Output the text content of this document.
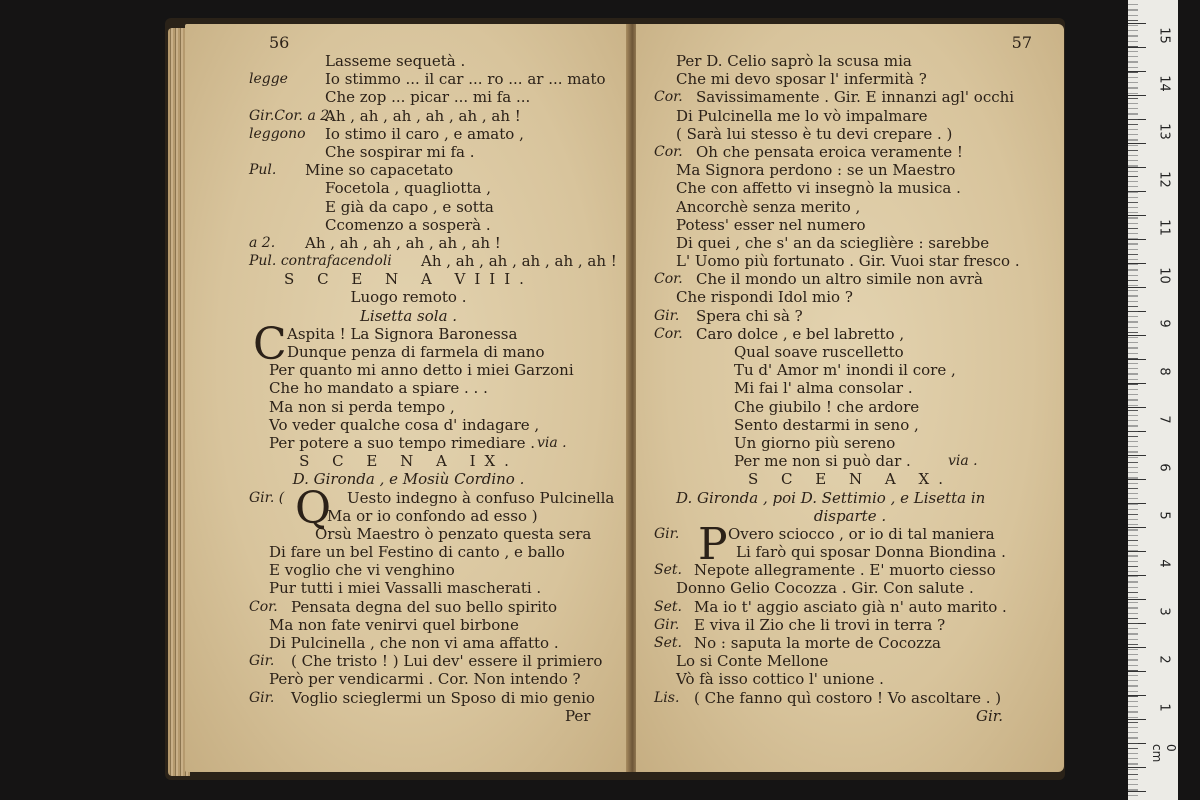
56
Lasseme sequetà .
legge Io stimmo ... il car ... ro ... ar ... mato
Che zop ... picar ... mi fa ...
Gir.Cor. a 2.
Ah , ah , ah , ah , ah , ah !
leggono Io stimo il caro , e amato ,
Che sospirar mi fa .
Pul. Mine so capacetato
Focetola , quagliotta ,
E già da capo , e sotta
Ccomenzo a sosperà .
a 2. Ah , ah , ah , ah , ah , ah !
Pul. contrafacendoli Ah , ah , ah , ah , ah , ah !
S C E N A VIII.
Luogo remoto .
Lisetta sola .
Aspita ! La Signora Baronessa
C Dunque penza di farmela di mano
Per quanto mi anno detto i miei Garzoni
Che ho mandato a spiare . . .
Ma non si perda tempo ,
Vo veder qualche cosa d' indagare ,
Per potere a suo tempo rimediare . via .
S C E N A IX.
D. Gironda , e Mosiù Cordino .
Uesto indegno à confuso Pulcinella
Gir. ( Q
Ma or io confondo ad esso )
Orsù Maestro ò penzato questa sera
Di fare un bel Festino di canto , e ballo
E voglio che vi venghino
Pur tutti i miei Vassalli mascherati .
Cor. Pensata degna del suo bello spirito
Ma non fate venirvi quel birbone
Di Pulcinella , che non vi ama affatto .
Gir. ( Che tristo ! ) Lui dev' essere il primiero
Però per vendicarmi . Cor. Non intendo ?
Gir. Voglio scieglermi un Sposo di mio genio
Per
57
Per D. Celio saprò la scusa mia
Che mi devo sposar l' infermità ?
Cor. Savissimamente . Gir. E innanzi agl' occhi
Di Pulcinella me lo vò impalmare
( Sarà lui stesso è tu devi crepare . )
Cor. Oh che pensata eroica veramente !
Ma Signora perdono : se un Maestro
Che con affetto vi insegnò la musica .
Ancorchè senza merito ,
Potess' esser nel numero
Di quei , che s' an da scieglière : sarebbe
L' Uomo più fortunato . Gir. Vuoi star fresco .
Cor. Che il mondo un altro simile non avrà
Che rispondi Idol mio ?
Gir. Spera chi sà ?
Cor. Caro dolce , e bel labretto ,
Qual soave ruscelletto
Tu d' Amor m' inondi il core ,
Mi fai l' alma consolar .
Che giubilo ! che ardore
Sento destarmi in seno ,
Un giorno più sereno
Per me non si può dar .	via .
S C E N A X.
D. Gironda , poi D. Settimio , e Lisetta in
disparte .
Overo sciocco , or io di tal maniera
Gir. P Li farò qui sposar Donna Biondina .
Set. Nepote allegramente . E' muorto ciesso
Donno Gelio Cocozza . Gir. Con salute .
Set. Ma io t' aggio asciato già n' auto marito .
Gir. E viva il Zio che li trovi in terra ?
Set. No : saputa la morte de Cocozza
Lo si Conte Mellone
Vò fà isso cottico l' unione .
Lis. ( Che fanno quì costoro ! Vo ascoltare . )
Gir.
0 cm
1
2
3
4
5
6
7
8
9
10
11
12
13
14
15
